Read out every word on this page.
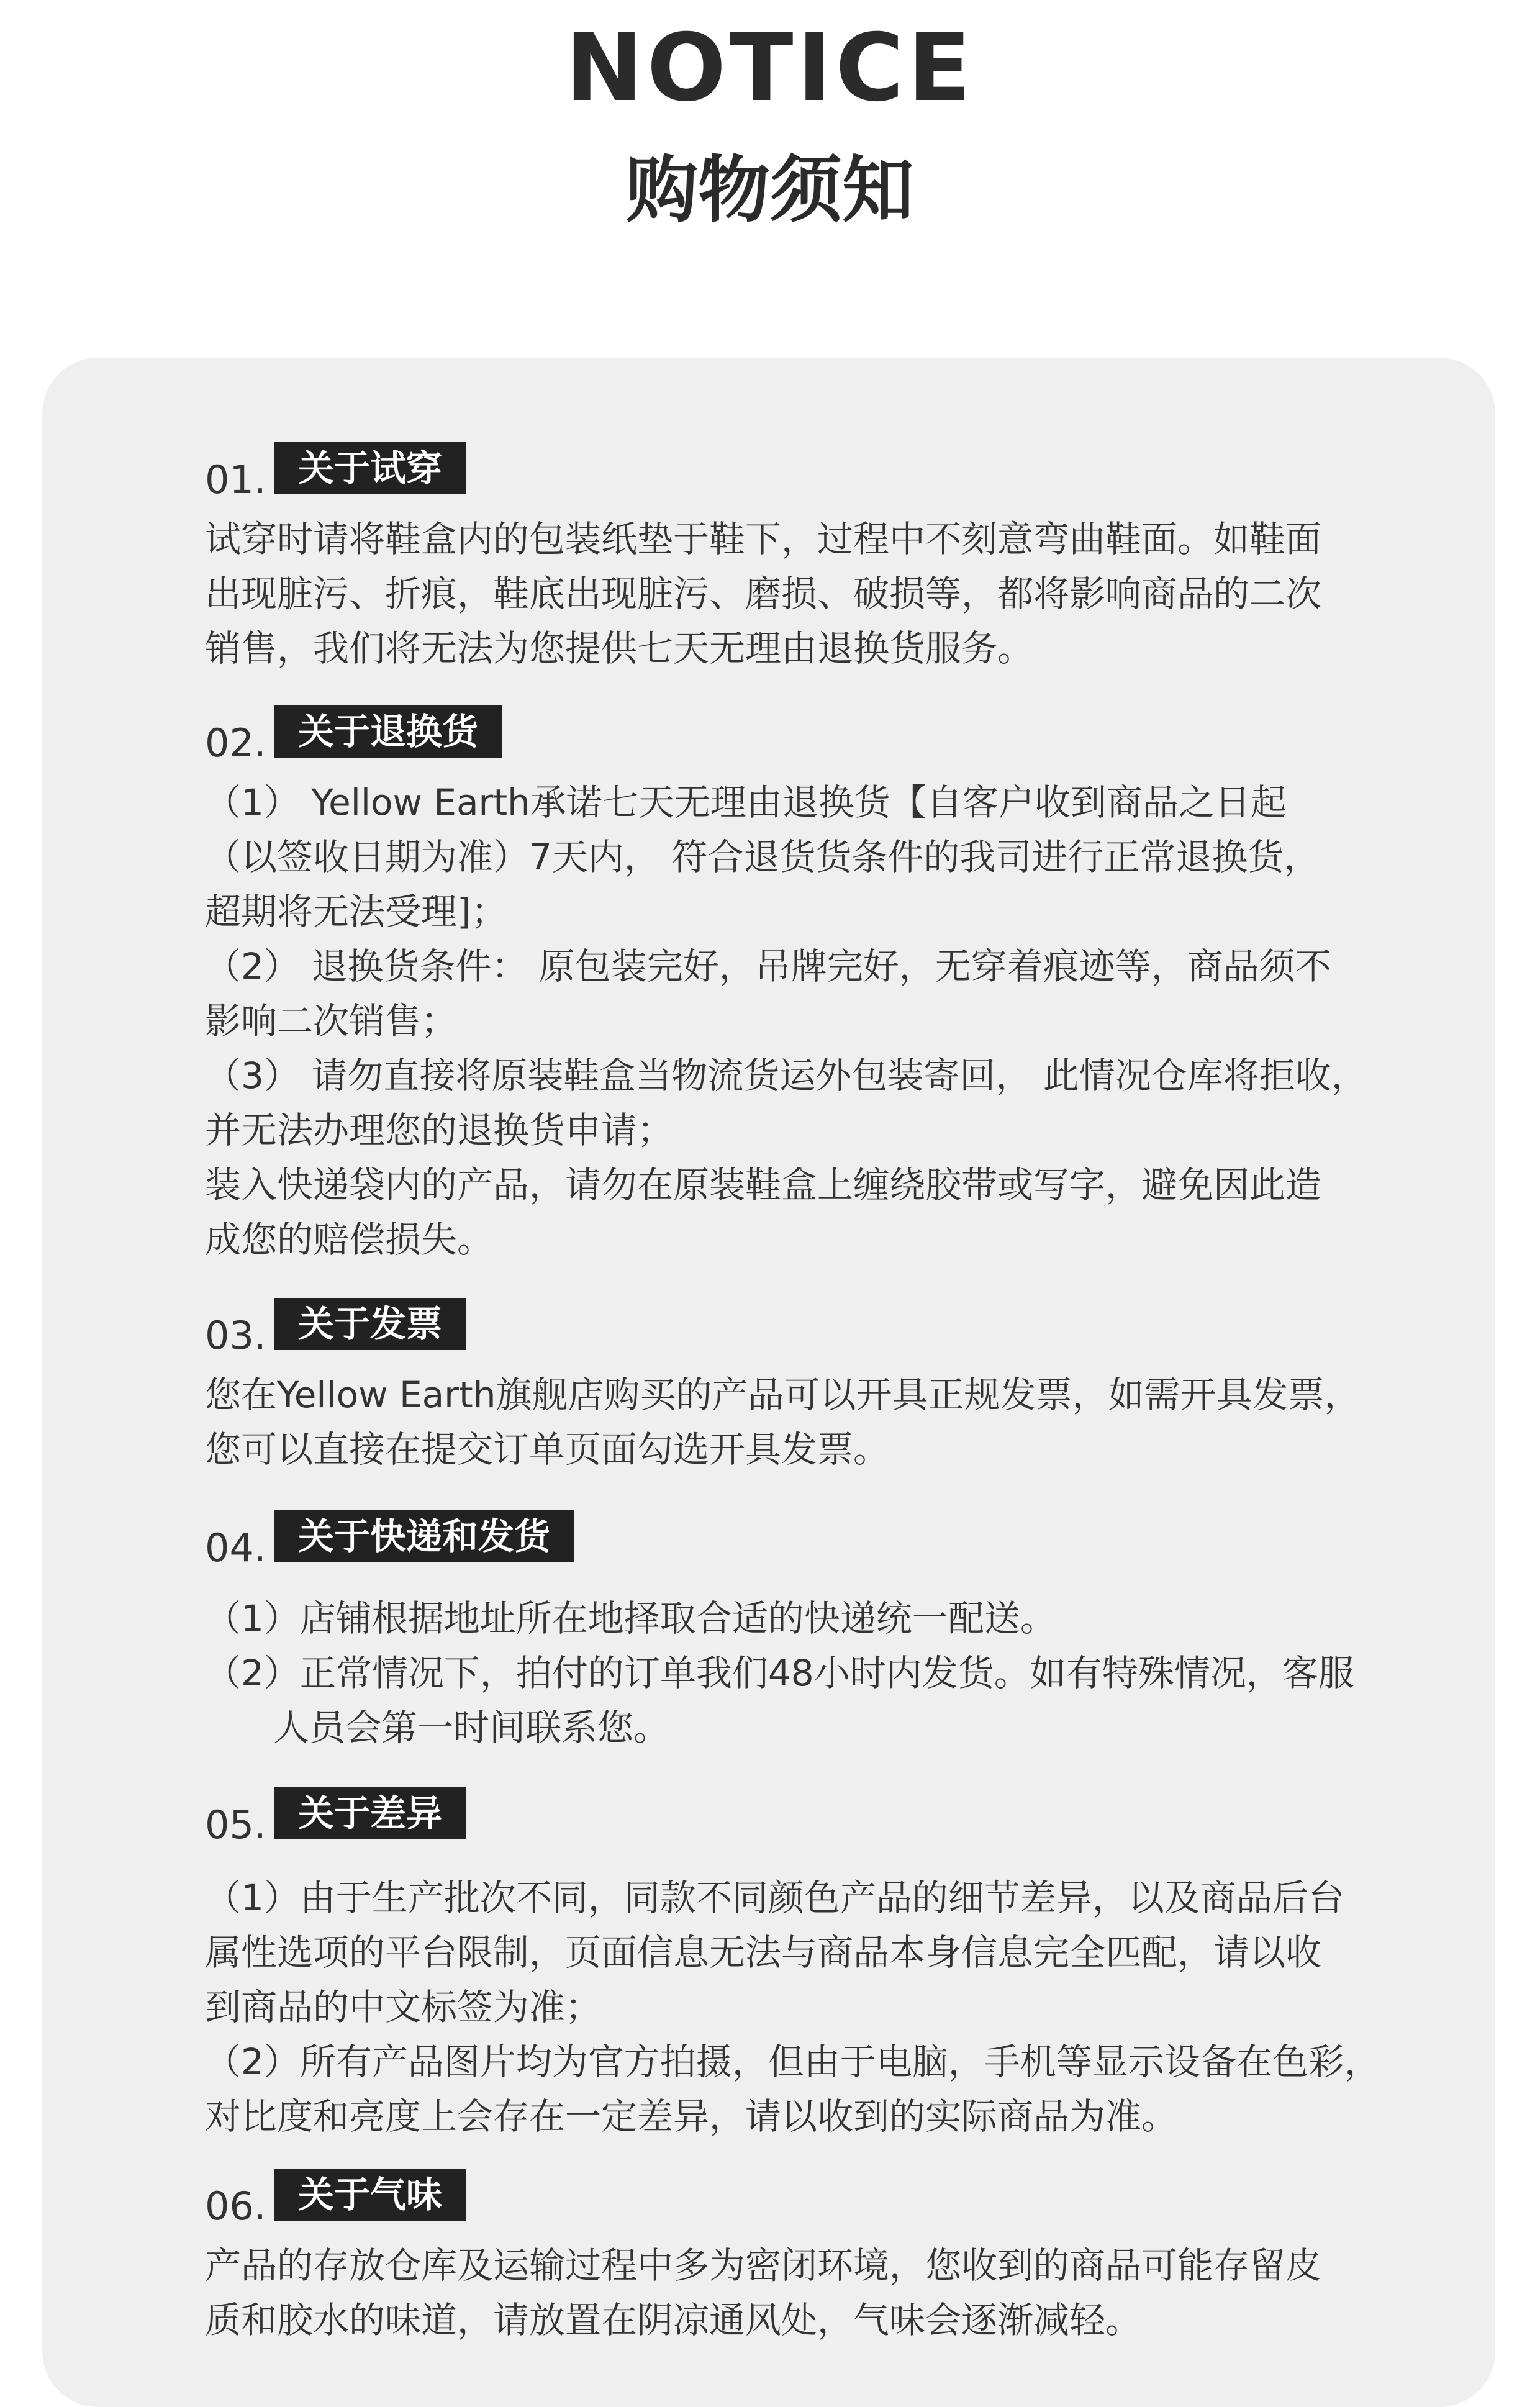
NOTICE
购物须知
01. 关于试穿
试穿时请将鞋盒内的包装纸垫于鞋下，过程中不刻意弯曲鞋面。如鞋面
出现脏污、折痕，鞋底出现脏污、磨损、破损等，都将影响商品的二次
销售，我们将无法为您提供七天无理由退换货服务。
02. 关于退换货
（1） Yellow Earth承诺七天无理由退换货【自客户收到商品之日起
（以签收日期为准）7天内， 符合退货货条件的我司进行正常退换货，
超期将无法受理]；
（2） 退换货条件： 原包装完好，吊牌完好，无穿着痕迹等，商品须不
影响二次销售；
（3） 请勿直接将原装鞋盒当物流货运外包装寄回， 此情况仓库将拒收，
并无法办理您的退换货申请；
装入快递袋内的产品，请勿在原装鞋盒上缠绕胶带或写字，避免因此造
成您的赔偿损失。
03. 关于发票
您在Yellow Earth旗舰店购买的产品可以开具正规发票，如需开具发票，
您可以直接在提交订单页面勾选开具发票。
04. 关于快递和发货
（1）店铺根据地址所在地择取合适的快递统一配送。
（2）正常情况下，拍付的订单我们48小时内发货。如有特殊情况，客服
人员会第一时间联系您。
05. 关于差异
（1）由于生产批次不同，同款不同颜色产品的细节差异，以及商品后台
属性选项的平台限制，页面信息无法与商品本身信息完全匹配，请以收
到商品的中文标签为准；
（2）所有产品图片均为官方拍摄，但由于电脑，手机等显示设备在色彩，
对比度和亮度上会存在一定差异，请以收到的实际商品为准。
06. 关于气味
产品的存放仓库及运输过程中多为密闭环境，您收到的商品可能存留皮
质和胶水的味道，请放置在阴凉通风处，气味会逐渐减轻。
